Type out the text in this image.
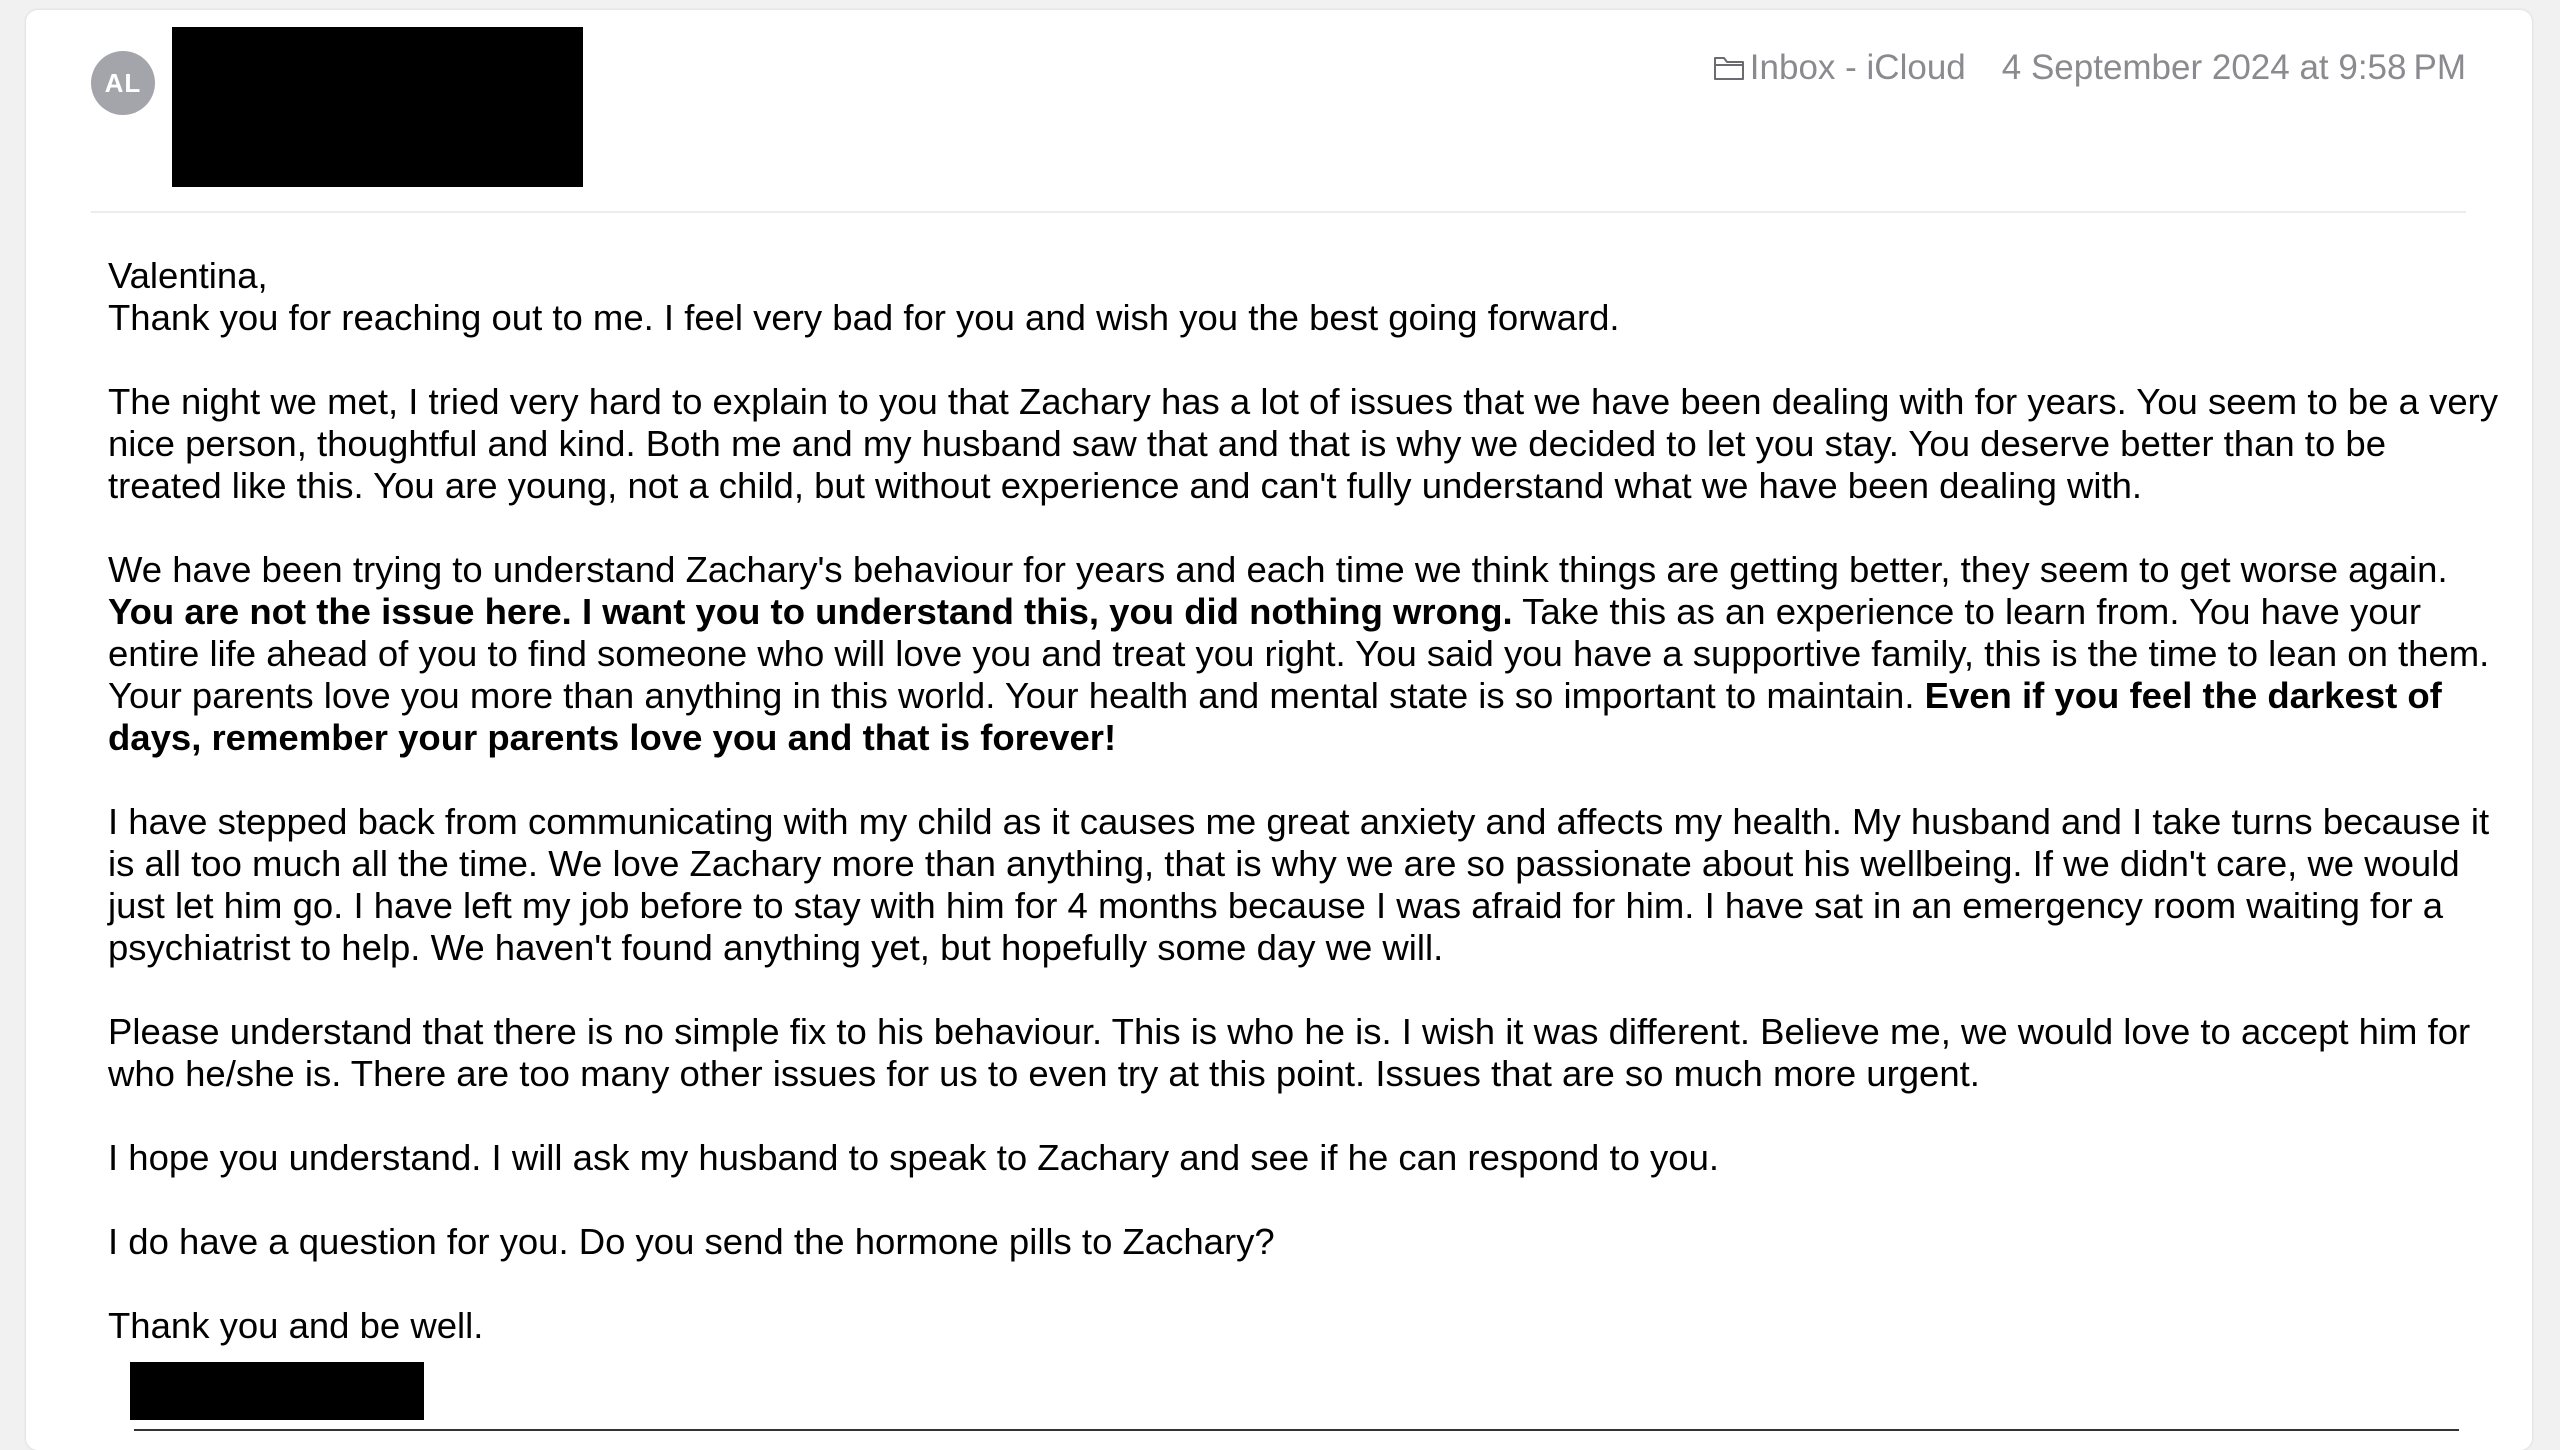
AL	Inbox - iCloud 4 September 2024 at 9:58 PM

Valentina,

Thank you for reaching out to me. I feel very bad for you and wish you the best going forward.

The night we met, I tried very hard to explain to you that Zachary has a lot of issues that we have been dealing with for years. You seem to be a very nice person, thoughtful and kind. Both me and my husband saw that and that is why we decided to let you stay. You deserve better than to be treated like this. You are young, not a child, but without experience and can't fully understand what we have been dealing with.

We have been trying to understand Zachary's behaviour for years and each time we think things are getting better, they seem to get worse again. You are not the issue here. I want you to understand this, you did nothing wrong. Take this as an experience to learn from. You have your entire life ahead of you to find someone who will love you and treat you right. You said you have a supportive family, this is the time to lean on them. Your parents love you more than anything in this world. Your health and mental state is so important to maintain. Even if you feel the darkest of days, remember your parents love you and that is forever!

I have stepped back from communicating with my child as it causes me great anxiety and affects my health. My husband and I take turns because it is all too much all the time. We love Zachary more than anything, that is why we are so passionate about his wellbeing. If we didn't care, we would just let him go. I have left my job before to stay with him for 4 months because I was afraid for him. I have sat in an emergency room waiting for a psychiatrist to help. We haven't found anything yet, but hopefully some day we will.

Please understand that there is no simple fix to his behaviour. This is who he is. I wish it was different. Believe me, we would love to accept him for who he/she is. There are too many other issues for us to even try at this point. Issues that are so much more urgent.

I hope you understand. I will ask my husband to speak to Zachary and see if he can respond to you.

I do have a question for you. Do you send the hormone pills to Zachary?

Thank you and be well.
